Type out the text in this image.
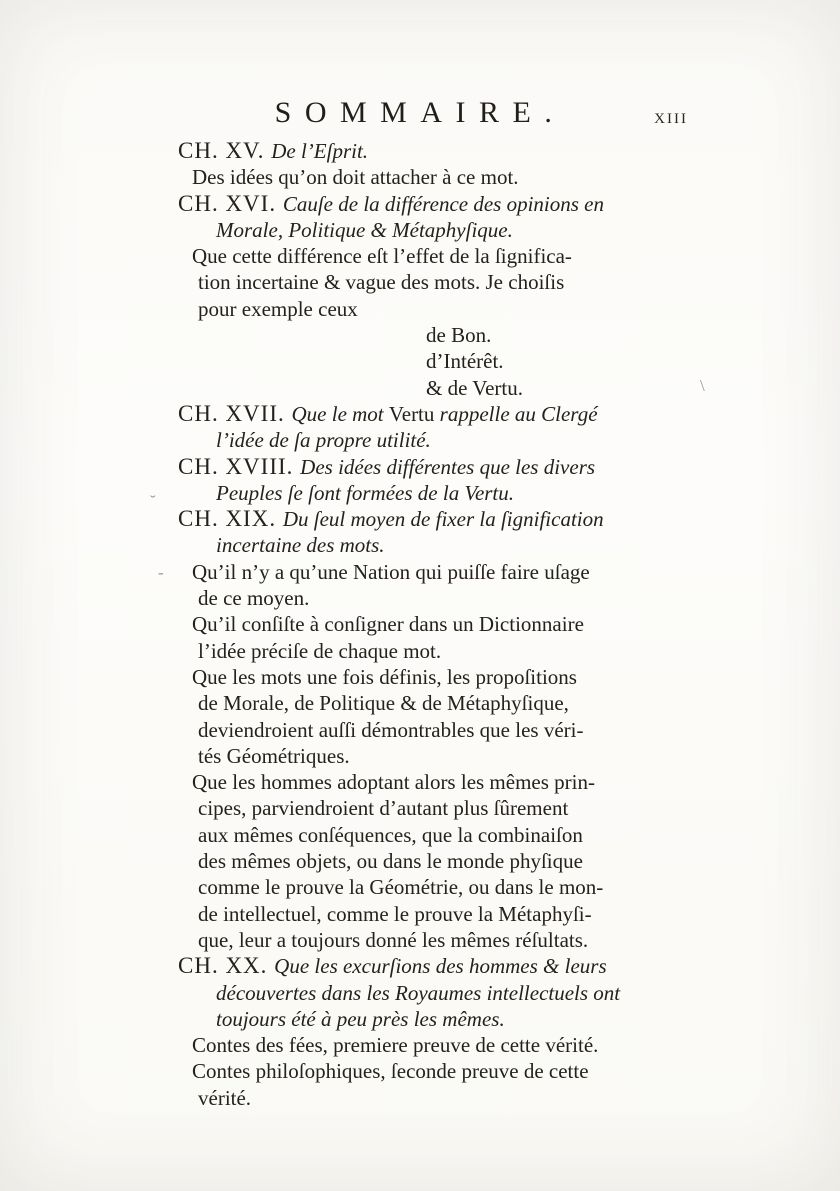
SOMMAIRE.	xiii
CH. XV. De l’Eſprit.
Des idées qu’on doit attacher à ce mot.
CH. XVI. Cauſe de la différence des opinions en
Morale, Politique & Métaphyſique.
Que cette différence eſt l’effet de la ſignifica-
tion incertaine & vague des mots. Je choiſis
pour exemple ceux
de Bon.
d’Intérêt.
& de Vertu.
CH. XVII. Que le mot Vertu rappelle au Clergé
l’idée de ſa propre utilité.
CH. XVIII. Des idées différentes que les divers
Peuples ſe ſont formées de la Vertu.
CH. XIX. Du ſeul moyen de fixer la ſignification
incertaine des mots.
Qu’il n’y a qu’une Nation qui puiſſe faire uſage
de ce moyen.
Qu’il conſiſte à conſigner dans un Dictionnaire
l’idée préciſe de chaque mot.
Que les mots une fois définis, les propoſitions
de Morale, de Politique & de Métaphyſique,
deviendroient auſſi démontrables que les véri-
tés Géométriques.
Que les hommes adoptant alors les mêmes prin-
cipes, parviendroient d’autant plus ſûrement
aux mêmes conſéquences, que la combinaiſon
des mêmes objets, ou dans le monde phyſique
comme le prouve la Géométrie, ou dans le mon-
de intellectuel, comme le prouve la Métaphyſi-
que, leur a toujours donné les mêmes réſultats.
CH. XX. Que les excurſions des hommes & leurs
découvertes dans les Royaumes intellectuels ont
toujours été à peu près les mêmes.
Contes des fées, premiere preuve de cette vérité.
Contes philoſophiques, ſeconde preuve de cette
vérité.
\
-
˘
